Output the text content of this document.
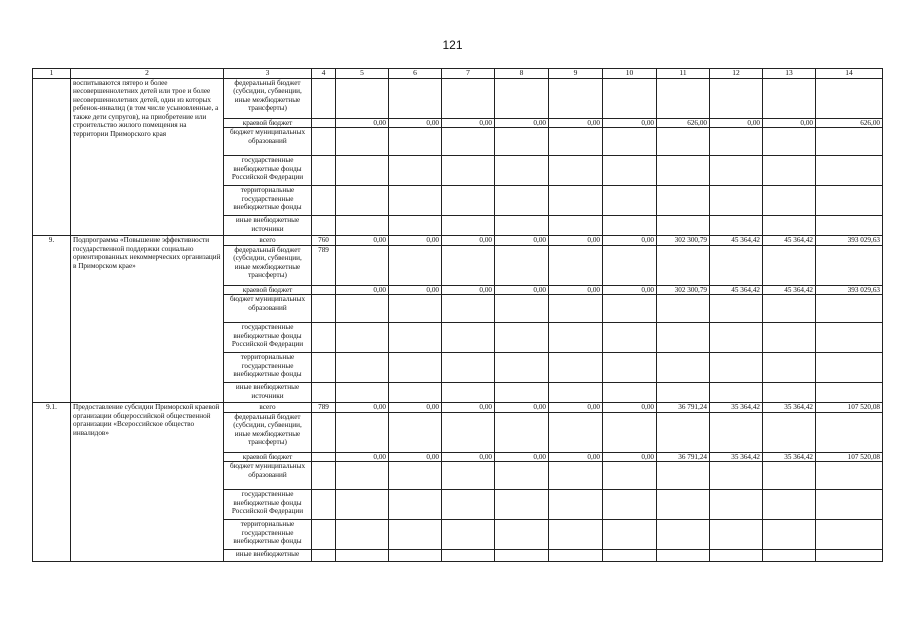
121
1	2	3	4	5	6	7	8	9	10	11	12	13	14
	воспитываются пятеро и более несовершеннолетних детей или трое и более несовершеннолетних детей, один из которых ребенок-инвалид (в том числе усыновленные, а также дети супругов), на приобретение или строительство жилого помещения на территории Приморского края	федеральный бюджет (субсидии, субвенции, иные межбюджетные трансферты)											
		краевой бюджет		0,00	0,00	0,00	0,00	0,00	0,00	626,00	0,00	0,00	626,00
		бюджет муниципальных образований											
		государственные внебюджетные фонды Российской Федерации											
		территориальные государственные внебюджетные фонды											
		иные внебюджетные источники											
9.	Подпрограмма «Повышение эффективности государственной поддержки социально ориентированных некоммерческих организаций в Приморском крае»	всего	760	0,00	0,00	0,00	0,00	0,00	0,00	302 300,79	45 364,42	45 364,42	393 029,63
		федеральный бюджет (субсидии, субвенции, иные межбюджетные трансферты)	789										
		краевой бюджет		0,00	0,00	0,00	0,00	0,00	0,00	302 300,79	45 364,42	45 364,42	393 029,63
		бюджет муниципальных образований											
		государственные внебюджетные фонды Российской Федерации											
		территориальные государственные внебюджетные фонды											
		иные внебюджетные источники											
9.1.	Предоставление субсидии Приморской краевой организации общероссийской общественной организации «Всероссийское общество инвалидов»	всего	789	0,00	0,00	0,00	0,00	0,00	0,00	36 791,24	35 364,42	35 364,42	107 520,08
		федеральный бюджет (субсидии, субвенции, иные межбюджетные трансферты)											
		краевой бюджет		0,00	0,00	0,00	0,00	0,00	0,00	36 791,24	35 364,42	35 364,42	107 520,08
		бюджет муниципальных образований											
		государственные внебюджетные фонды Российской Федерации											
		территориальные государственные внебюджетные фонды											
		иные внебюджетные											
